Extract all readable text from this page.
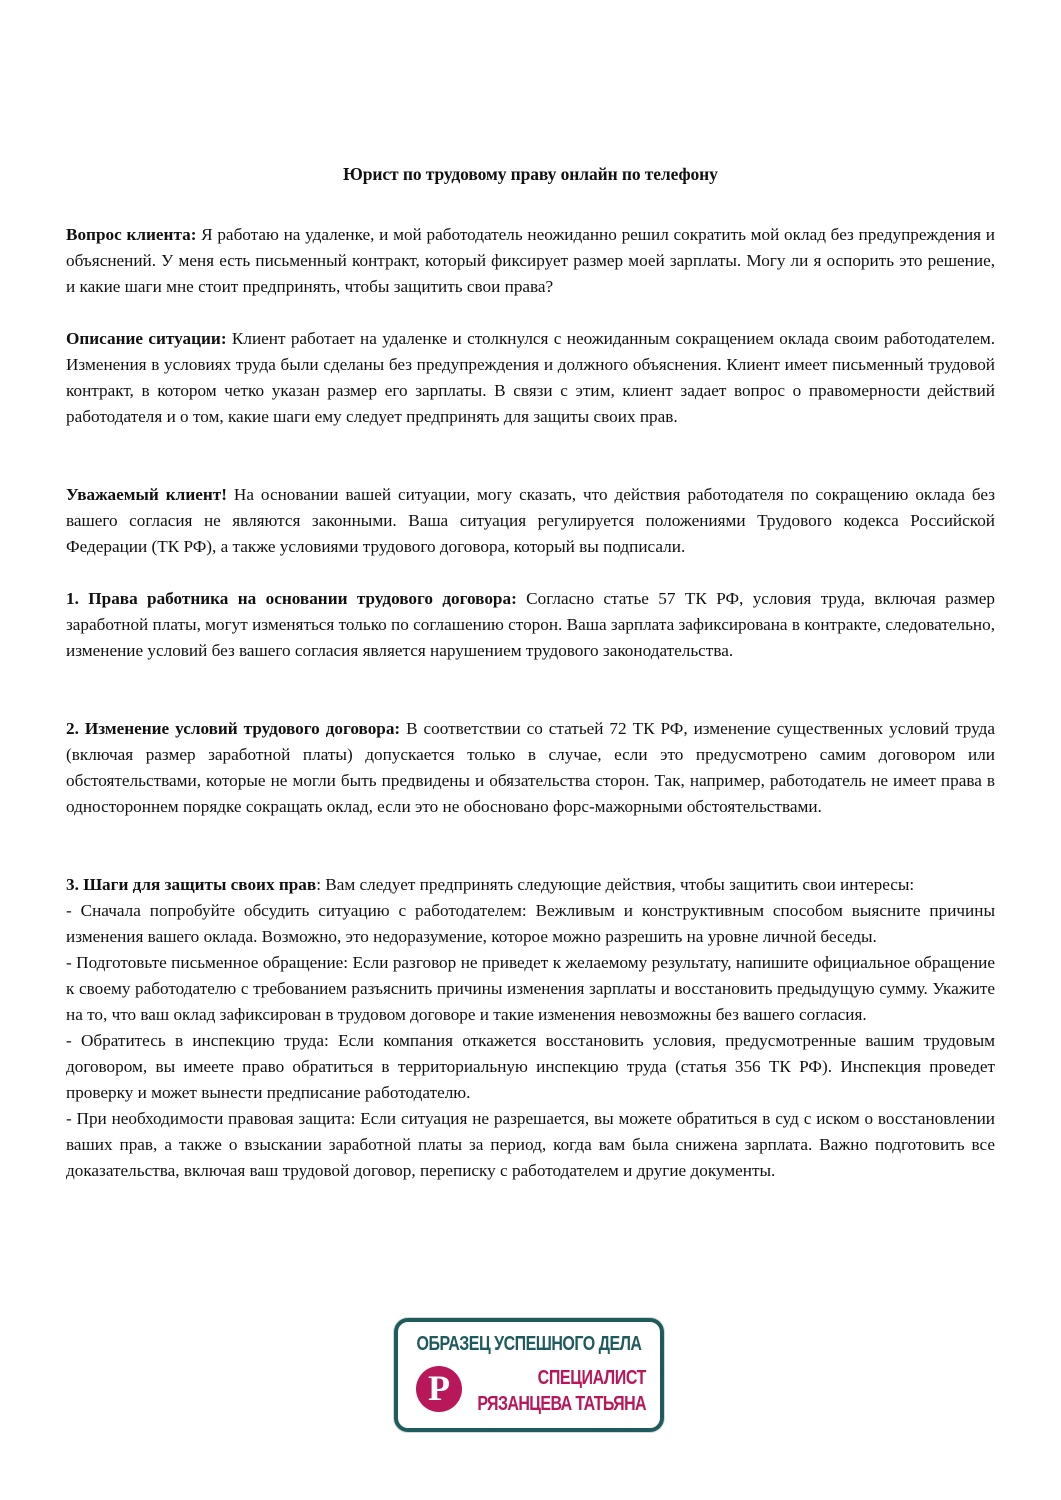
Юрист по трудовому праву онлайн по телефону
Вопрос клиента: Я работаю на удаленке, и мой работодатель неожиданно решил сократить мой оклад без предупреждения и объяснений. У меня есть письменный контракт, который фиксирует размер моей зарплаты. Могу ли я оспорить это решение, и какие шаги мне стоит предпринять, чтобы защитить свои права?
Описание ситуации: Клиент работает на удаленке и столкнулся с неожиданным сокращением оклада своим работодателем. Изменения в условиях труда были сделаны без предупреждения и должного объяснения. Клиент имеет письменный трудовой контракт, в котором четко указан размер его зарплаты. В связи с этим, клиент задает вопрос о правомерности действий работодателя и о том, какие шаги ему следует предпринять для защиты своих прав.
Уважаемый клиент! На основании вашей ситуации, могу сказать, что действия работодателя по сокращению оклада без вашего согласия не являются законными. Ваша ситуация регулируется положениями Трудового кодекса Российской Федерации (ТК РФ), а также условиями трудового договора, который вы подписали.
1. Права работника на основании трудового договора: Согласно статье 57 ТК РФ, условия труда, включая размер заработной платы, могут изменяться только по соглашению сторон. Ваша зарплата зафиксирована в контракте, следовательно, изменение условий без вашего согласия является нарушением трудового законодательства.
2. Изменение условий трудового договора: В соответствии со статьей 72 ТК РФ, изменение существенных условий труда (включая размер заработной платы) допускается только в случае, если это предусмотрено самим договором или обстоятельствами, которые не могли быть предвидены и обязательства сторон. Так, например, работодатель не имеет права в одностороннем порядке сокращать оклад, если это не обосновано форс-мажорными обстоятельствами.
3. Шаги для защиты своих прав: Вам следует предпринять следующие действия, чтобы защитить свои интересы:
- Сначала попробуйте обсудить ситуацию с работодателем: Вежливым и конструктивным способом выясните причины изменения вашего оклада. Возможно, это недоразумение, которое можно разрешить на уровне личной беседы.
- Подготовьте письменное обращение: Если разговор не приведет к желаемому результату, напишите официальное обращение к своему работодателю с требованием разъяснить причины изменения зарплаты и восстановить предыдущую сумму. Укажите на то, что ваш оклад зафиксирован в трудовом договоре и такие изменения невозможны без вашего согласия.
- Обратитесь в инспекцию труда: Если компания откажется восстановить условия, предусмотренные вашим трудовым договором, вы имеете право обратиться в территориальную инспекцию труда (статья 356 ТК РФ). Инспекция проведет проверку и может вынести предписание работодателю.
- При необходимости правовая защита: Если ситуация не разрешается, вы можете обратиться в суд с иском о восстановлении ваших прав, а также о взыскании заработной платы за период, когда вам была снижена зарплата. Важно подготовить все доказательства, включая ваш трудовой договор, переписку с работодателем и другие документы.
ОБРАЗЕЦ УСПЕШНОГО ДЕЛА
P	СПЕЦИАЛИСТ
РЯЗАНЦЕВА ТАТЬЯНА
